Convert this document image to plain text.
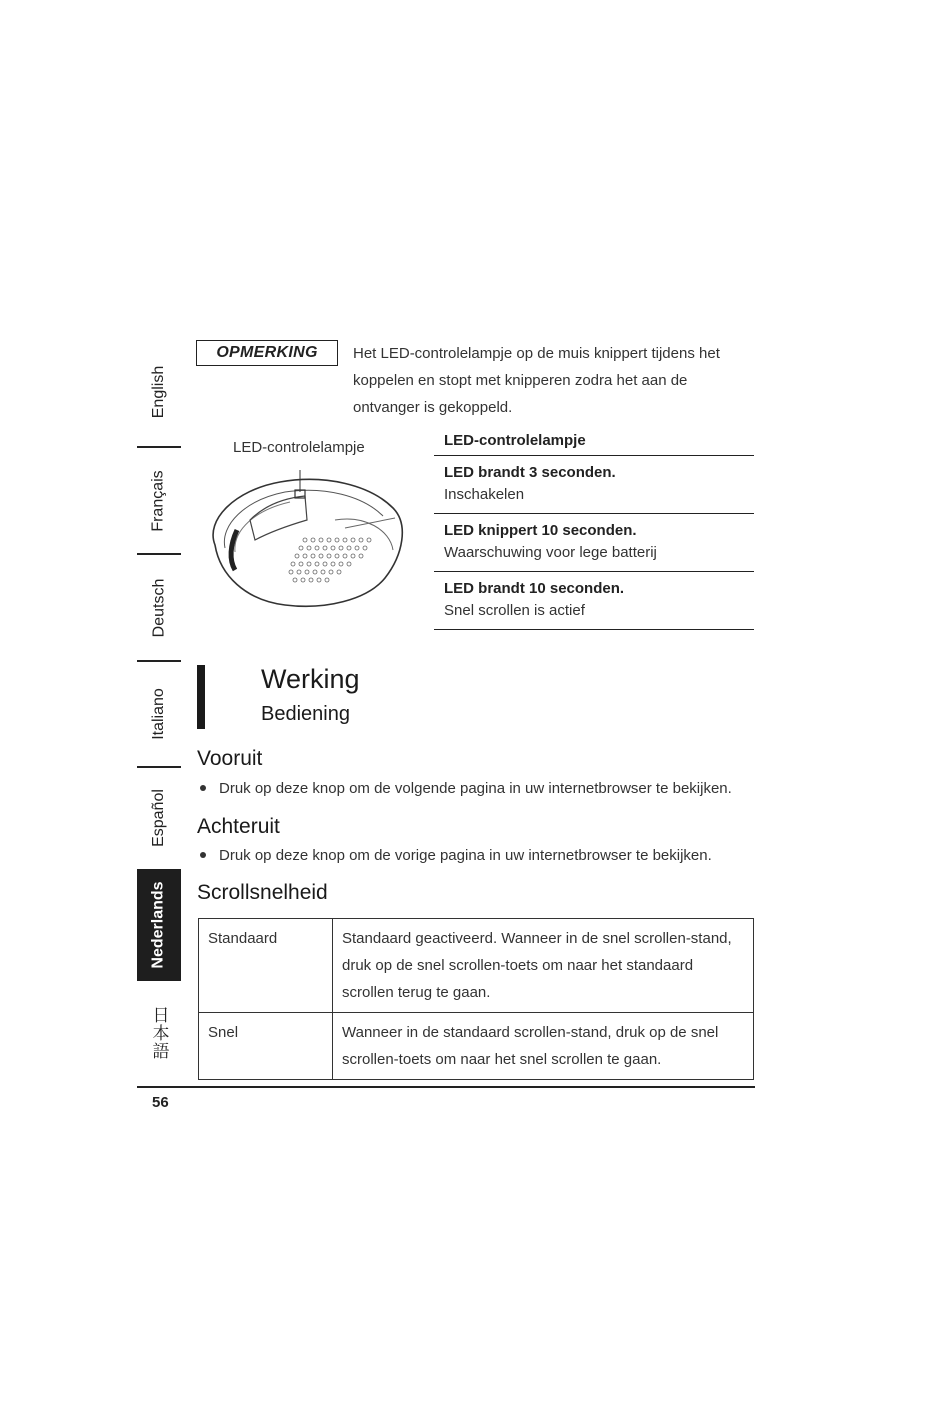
English
Français
Deutsch
Italiano
Español
Nederlands
日本語
OPMERKING Het LED-controlelampje op de muis knippert tijdens het koppelen en stopt met knipperen zodra het aan de ontvanger is gekoppeld.
LED-controlelampje	LED-controlelampje
LED brandt 3 seconden.
Inschakelen
LED knippert 10 seconden.
Waarschuwing voor lege batterij
LED brandt 10 seconden.
Snel scrollen is actief
Werking
Bediening
Vooruit
Druk op deze knop om de volgende pagina in uw internetbrowser te bekijken.
Achteruit
Druk op deze knop om de vorige pagina in uw internetbrowser te bekijken.
Scrollsnelheid
Standaard	Standaard geactiveerd. Wanneer in de snel scrollen-stand, druk op de snel scrollen-toets om naar het standaard scrollen terug te gaan.
Snel	Wanneer in de standaard scrollen-stand, druk op de snel scrollen-toets om naar het snel scrollen te gaan.
56
